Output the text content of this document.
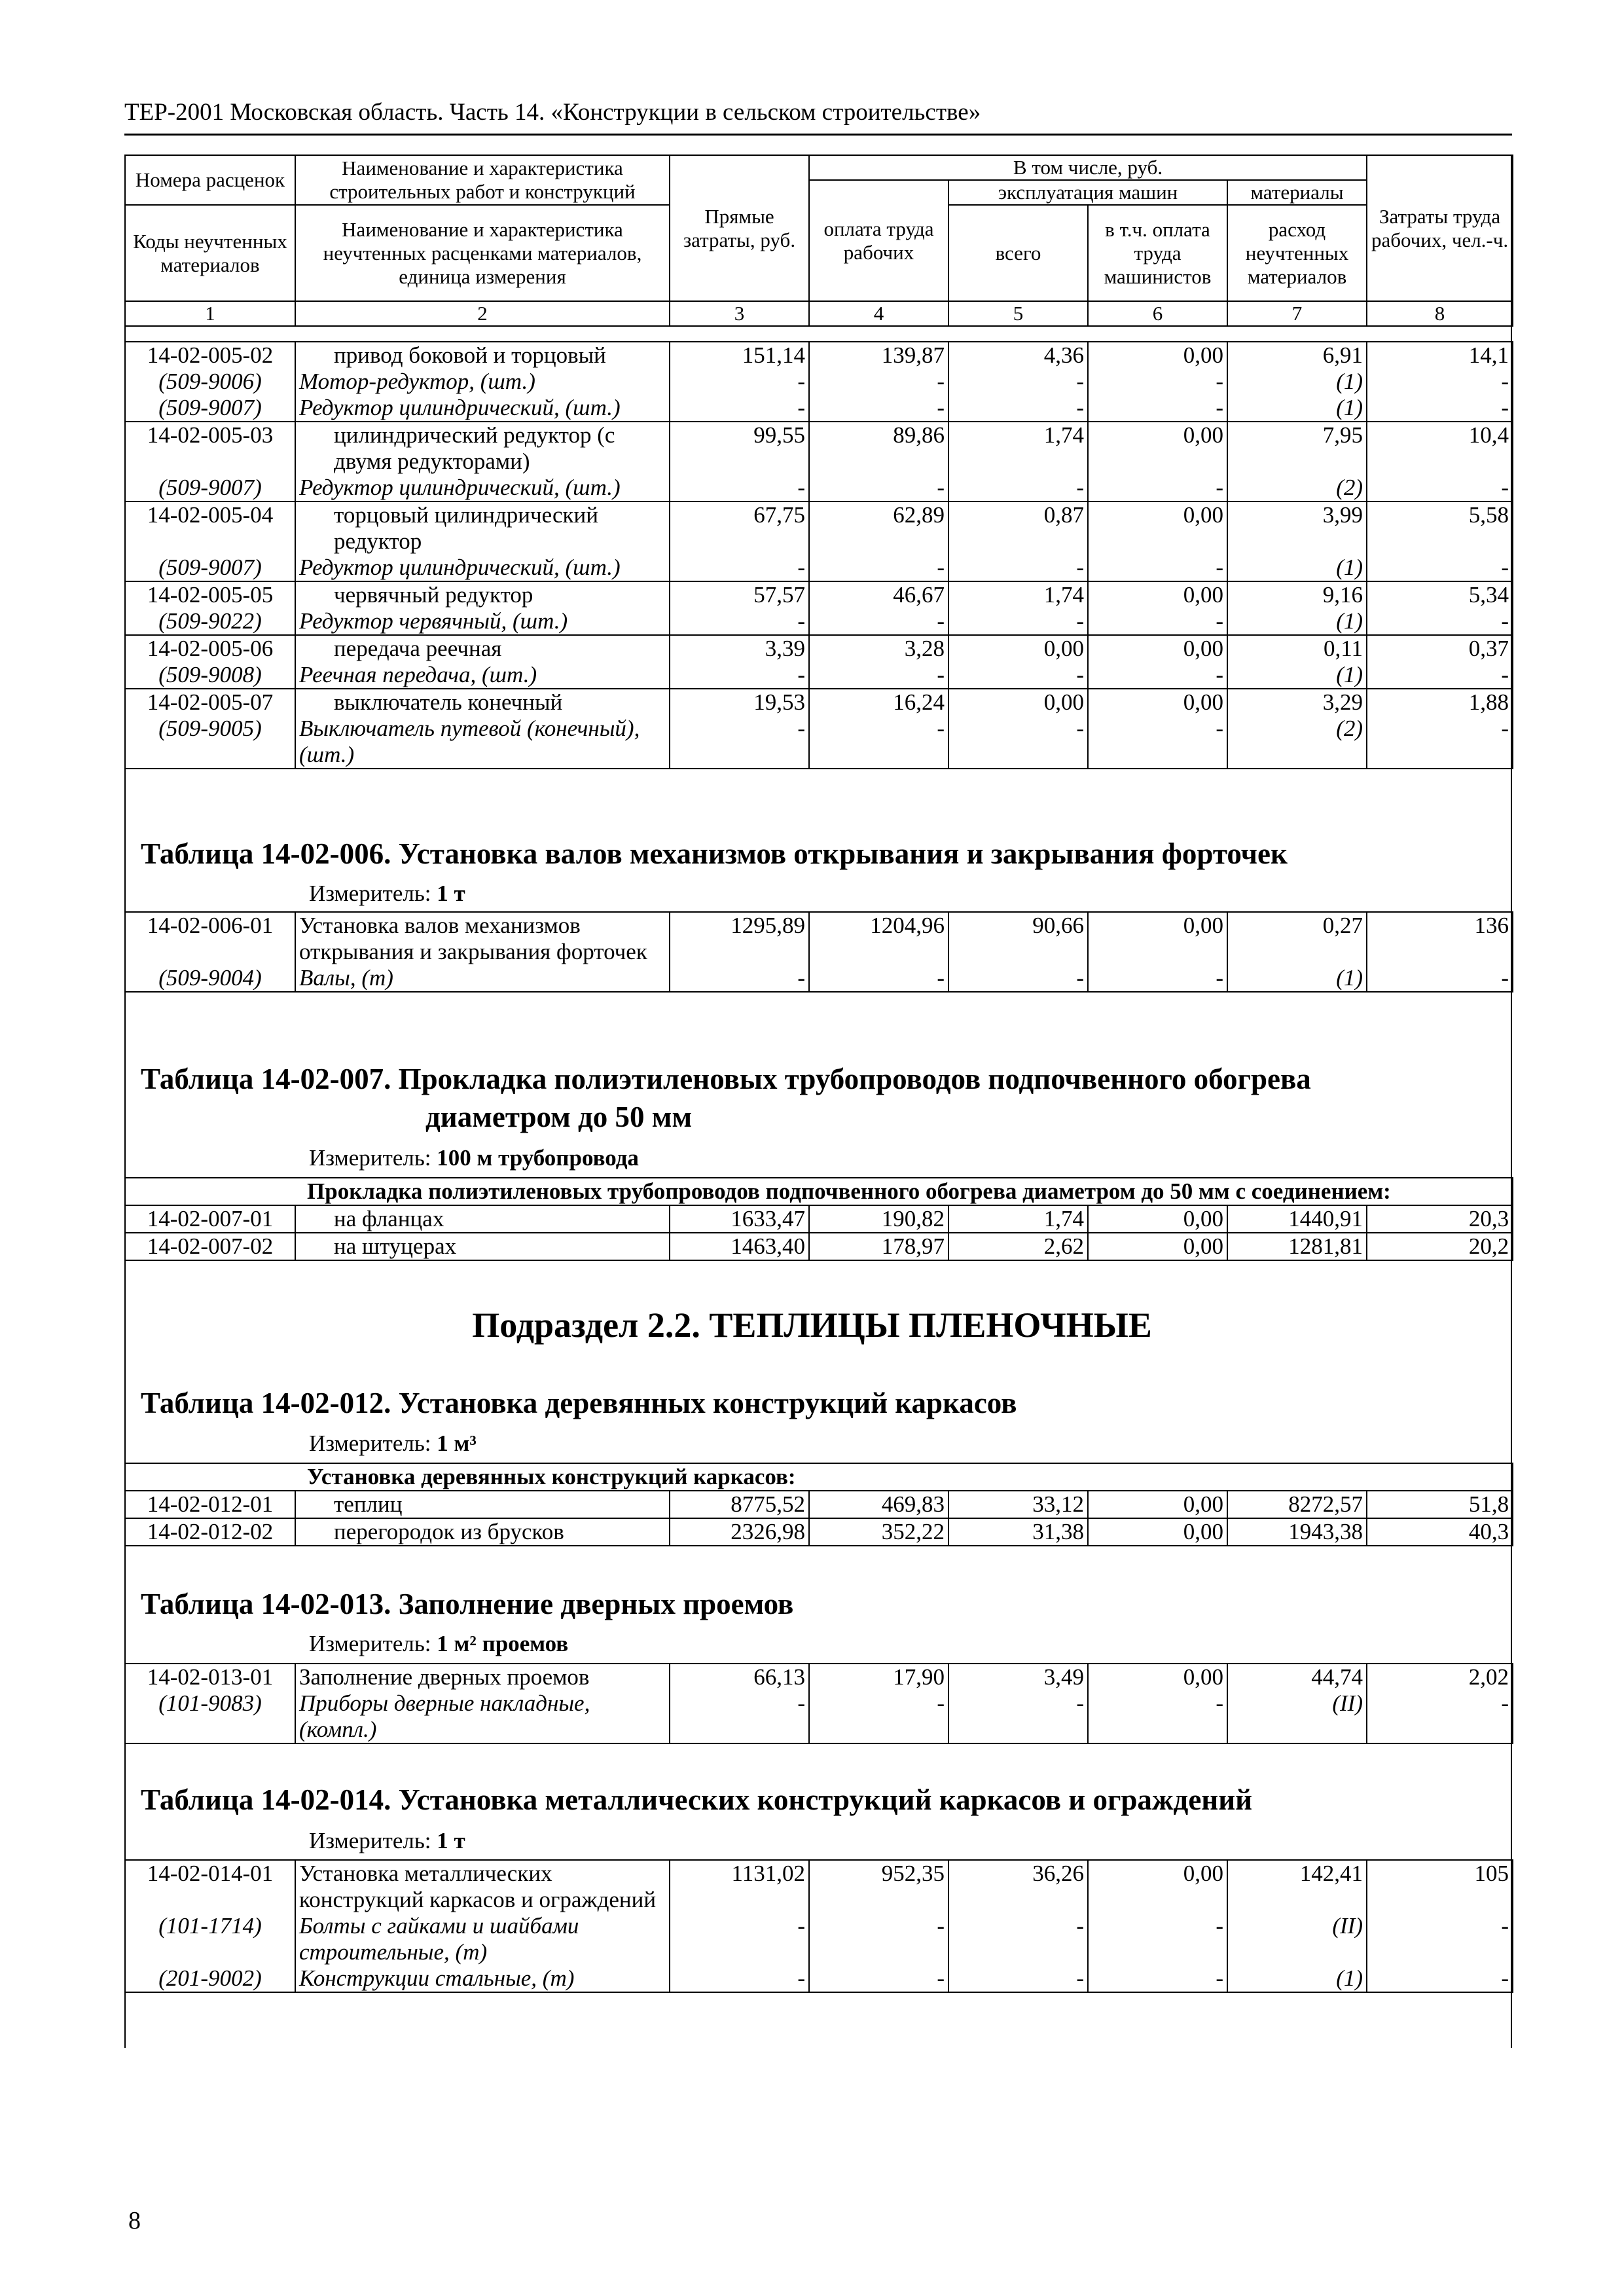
ТЕР-2001 Московская область. Часть 14. «Конструкции в сельском строительстве»
Номера расценок	Наименование и характеристика строительных работ и конструкций	Прямые затраты, руб.	В том числе, руб.				Затраты труда рабочих, чел.-ч.
			оплата труда рабочих	эксплуатация машин		материалы	
Коды неучтенных материалов	Наименование и характеристика неучтенных расценками материалов, единица измерения			всего	в т.ч. оплата труда машинистов	расход неучтенных материалов	

1	2	3	4	5	6	7	8
14-02-005-02	привод боковой и торцовый	151,14	139,87	4,36	0,00	6,91	14,1
(509-9006)	Мотор-редуктор, (шт.)	-	-	-	-	(1)	-
(509-9007)	Редуктор цилиндрический, (шт.)	-	-	-	-	(1)	-
14-02-005-03	цилиндрический редуктор (с двумя редукторами)	99,55	89,86	1,74	0,00	7,95	10,4
(509-9007)	Редуктор цилиндрический, (шт.)	-	-	-	-	(2)	-
14-02-005-04	торцовый цилиндрический редуктор	67,75	62,89	0,87	0,00	3,99	5,58
(509-9007)	Редуктор цилиндрический, (шт.)	-	-	-	-	(1)	-
14-02-005-05	червячный редуктор	57,57	46,67	1,74	0,00	9,16	5,34
(509-9022)	Редуктор червячный, (шт.)	-	-	-	-	(1)	-
14-02-005-06	передача реечная	3,39	3,28	0,00	0,00	0,11	0,37
(509-9008)	Реечная передача, (шт.)	-	-	-	-	(1)	-
14-02-005-07	выключатель конечный	19,53	16,24	0,00	0,00	3,29	1,88
(509-9005)	Выключатель путевой (конечный), (шт.)	-	-	-	-	(2)	-
Таблица 14-02-006. Установка валов механизмов открывания и закрывания форточек
Измеритель: 1 т
14-02-006-01	Установка валов механизмов открывания и закрывания форточек	1295,89	1204,96	90,66	0,00	0,27	136
(509-9004)	Валы, (т)	-	-	-	-	(1)	-
Таблица 14-02-007. Прокладка полиэтиленовых трубопроводов подпочвенного обогрева
диаметром до 50 мм
Измеритель: 100 м трубопровода
Прокладка полиэтиленовых трубопроводов подпочвенного обогрева диаметром до 50 мм с соединением:							
14-02-007-01	на фланцах	1633,47	190,82	1,74	0,00	1440,91	20,3
14-02-007-02	на штуцерах	1463,40	178,97	2,62	0,00	1281,81	20,2
Подраздел 2.2. ТЕПЛИЦЫ ПЛЕНОЧНЫЕ
Таблица 14-02-012. Установка деревянных конструкций каркасов
Измеритель: 1 м³
Установка деревянных конструкций каркасов:							
14-02-012-01	теплиц	8775,52	469,83	33,12	0,00	8272,57	51,8
14-02-012-02	перегородок из брусков	2326,98	352,22	31,38	0,00	1943,38	40,3
Таблица 14-02-013. Заполнение дверных проемов
Измеритель: 1 м² проемов
14-02-013-01	Заполнение дверных проемов	66,13	17,90	3,49	0,00	44,74	2,02
(101-9083)	Приборы дверные накладные, (компл.)	-	-	-	-	(II)	-
Таблица 14-02-014. Установка металлических конструкций каркасов и ограждений
Измеритель: 1 т
14-02-014-01	Установка металлических конструкций каркасов и ограждений	1131,02	952,35	36,26	0,00	142,41	105
(101-1714)	Болты с гайками и шайбами строительные, (т)	-	-	-	-	(II)	-
(201-9002)	Конструкции стальные, (т)	-	-	-	-	(1)	-
8
